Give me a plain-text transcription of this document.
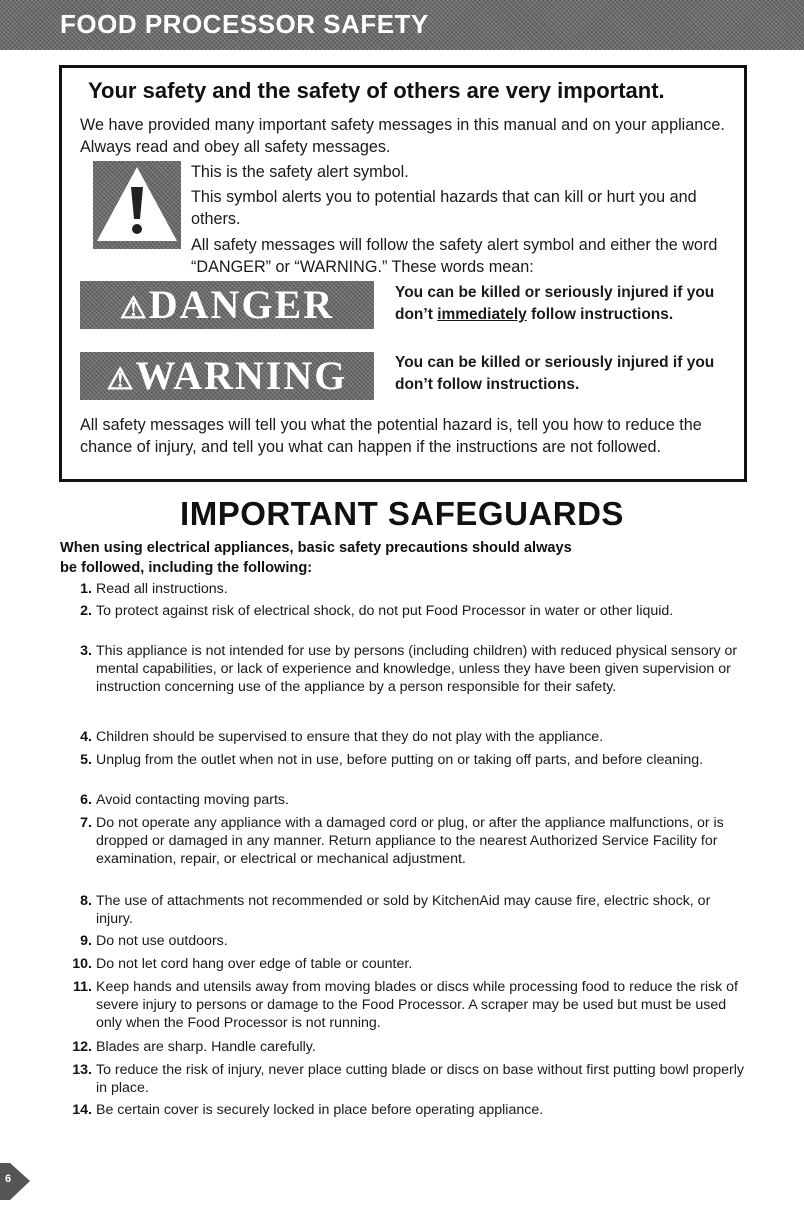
FOOD PROCESSOR SAFETY
Your safety and the safety of others are very important.
We have provided many important safety messages in this manual and on your appliance. Always read and obey all safety messages.
This is the safety alert symbol.
This symbol alerts you to potential hazards that can kill or hurt you and others.
All safety messages will follow the safety alert symbol and either the word “DANGER” or “WARNING.” These words mean:
⚠DANGER	You can be killed or seriously injured if you don’t immediately follow instructions.
⚠WARNING	You can be killed or seriously injured if you don’t follow instructions.
All safety messages will tell you what the potential hazard is, tell you how to reduce the chance of injury, and tell you what can happen if the instructions are not followed.
IMPORTANT SAFEGUARDS
When using electrical appliances, basic safety precautions should always
be followed, including the following:
1. Read all instructions.
2. To protect against risk of electrical shock, do not put Food Processor in water or other liquid.
3. This appliance is not intended for use by persons (including children) with reduced physical sensory or mental capabilities, or lack of experience and knowledge, unless they have been given supervision or instruction concerning use of the appliance by a person responsible for their safety.
4. Children should be supervised to ensure that they do not play with the appliance.
5. Unplug from the outlet when not in use, before putting on or taking off parts, and before cleaning.
6. Avoid contacting moving parts.
7. Do not operate any appliance with a damaged cord or plug, or after the appliance malfunctions, or is dropped or damaged in any manner. Return appliance to the nearest Authorized Service Facility for examination, repair, or electrical or mechanical adjustment.
8. The use of attachments not recommended or sold by KitchenAid may cause fire, electric shock, or injury.
9. Do not use outdoors.
10. Do not let cord hang over edge of table or counter.
11. Keep hands and utensils away from moving blades or discs while processing food to reduce the risk of severe injury to persons or damage to the Food Processor. A scraper may be used but must be used only when the Food Processor is not running.
12. Blades are sharp. Handle carefully.
13. To reduce the risk of injury, never place cutting blade or discs on base without first putting bowl properly in place.
14. Be certain cover is securely locked in place before operating appliance.
6
